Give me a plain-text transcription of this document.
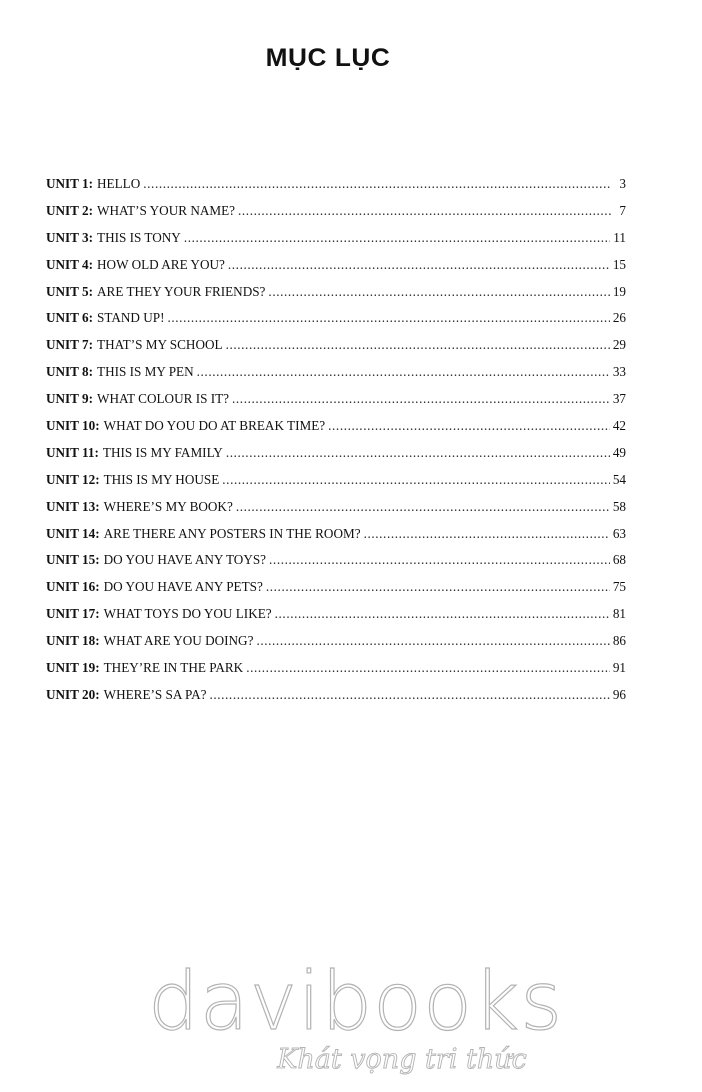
MỤC LỤC
UNIT 1: HELLO .....	3
UNIT 2: WHAT’S YOUR NAME? .....	7
UNIT 3: THIS IS TONY .....	11
UNIT 4: HOW OLD ARE YOU? .....	15
UNIT 5: ARE THEY YOUR FRIENDS? .....	19
UNIT 6: STAND UP! .....	26
UNIT 7: THAT’S MY SCHOOL .....	29
UNIT 8: THIS IS MY PEN .....	33
UNIT 9: WHAT COLOUR IS IT? .....	37
UNIT 10: WHAT DO YOU DO AT BREAK TIME? .....	42
UNIT 11: THIS IS MY FAMILY .....	49
UNIT 12: THIS IS MY HOUSE .....	54
UNIT 13: WHERE’S MY BOOK? .....	58
UNIT 14: ARE THERE ANY POSTERS IN THE ROOM? .....	63
UNIT 15: DO YOU HAVE ANY TOYS? .....	68
UNIT 16: DO YOU HAVE ANY PETS? .....	75
UNIT 17: WHAT TOYS DO YOU LIKE? .....	81
UNIT 18: WHAT ARE YOU DOING? .....	86
UNIT 19: THEY’RE IN THE PARK .....	91
UNIT 20: WHERE’S SA PA? .....	96
davibooks
Khát vọng tri thức
